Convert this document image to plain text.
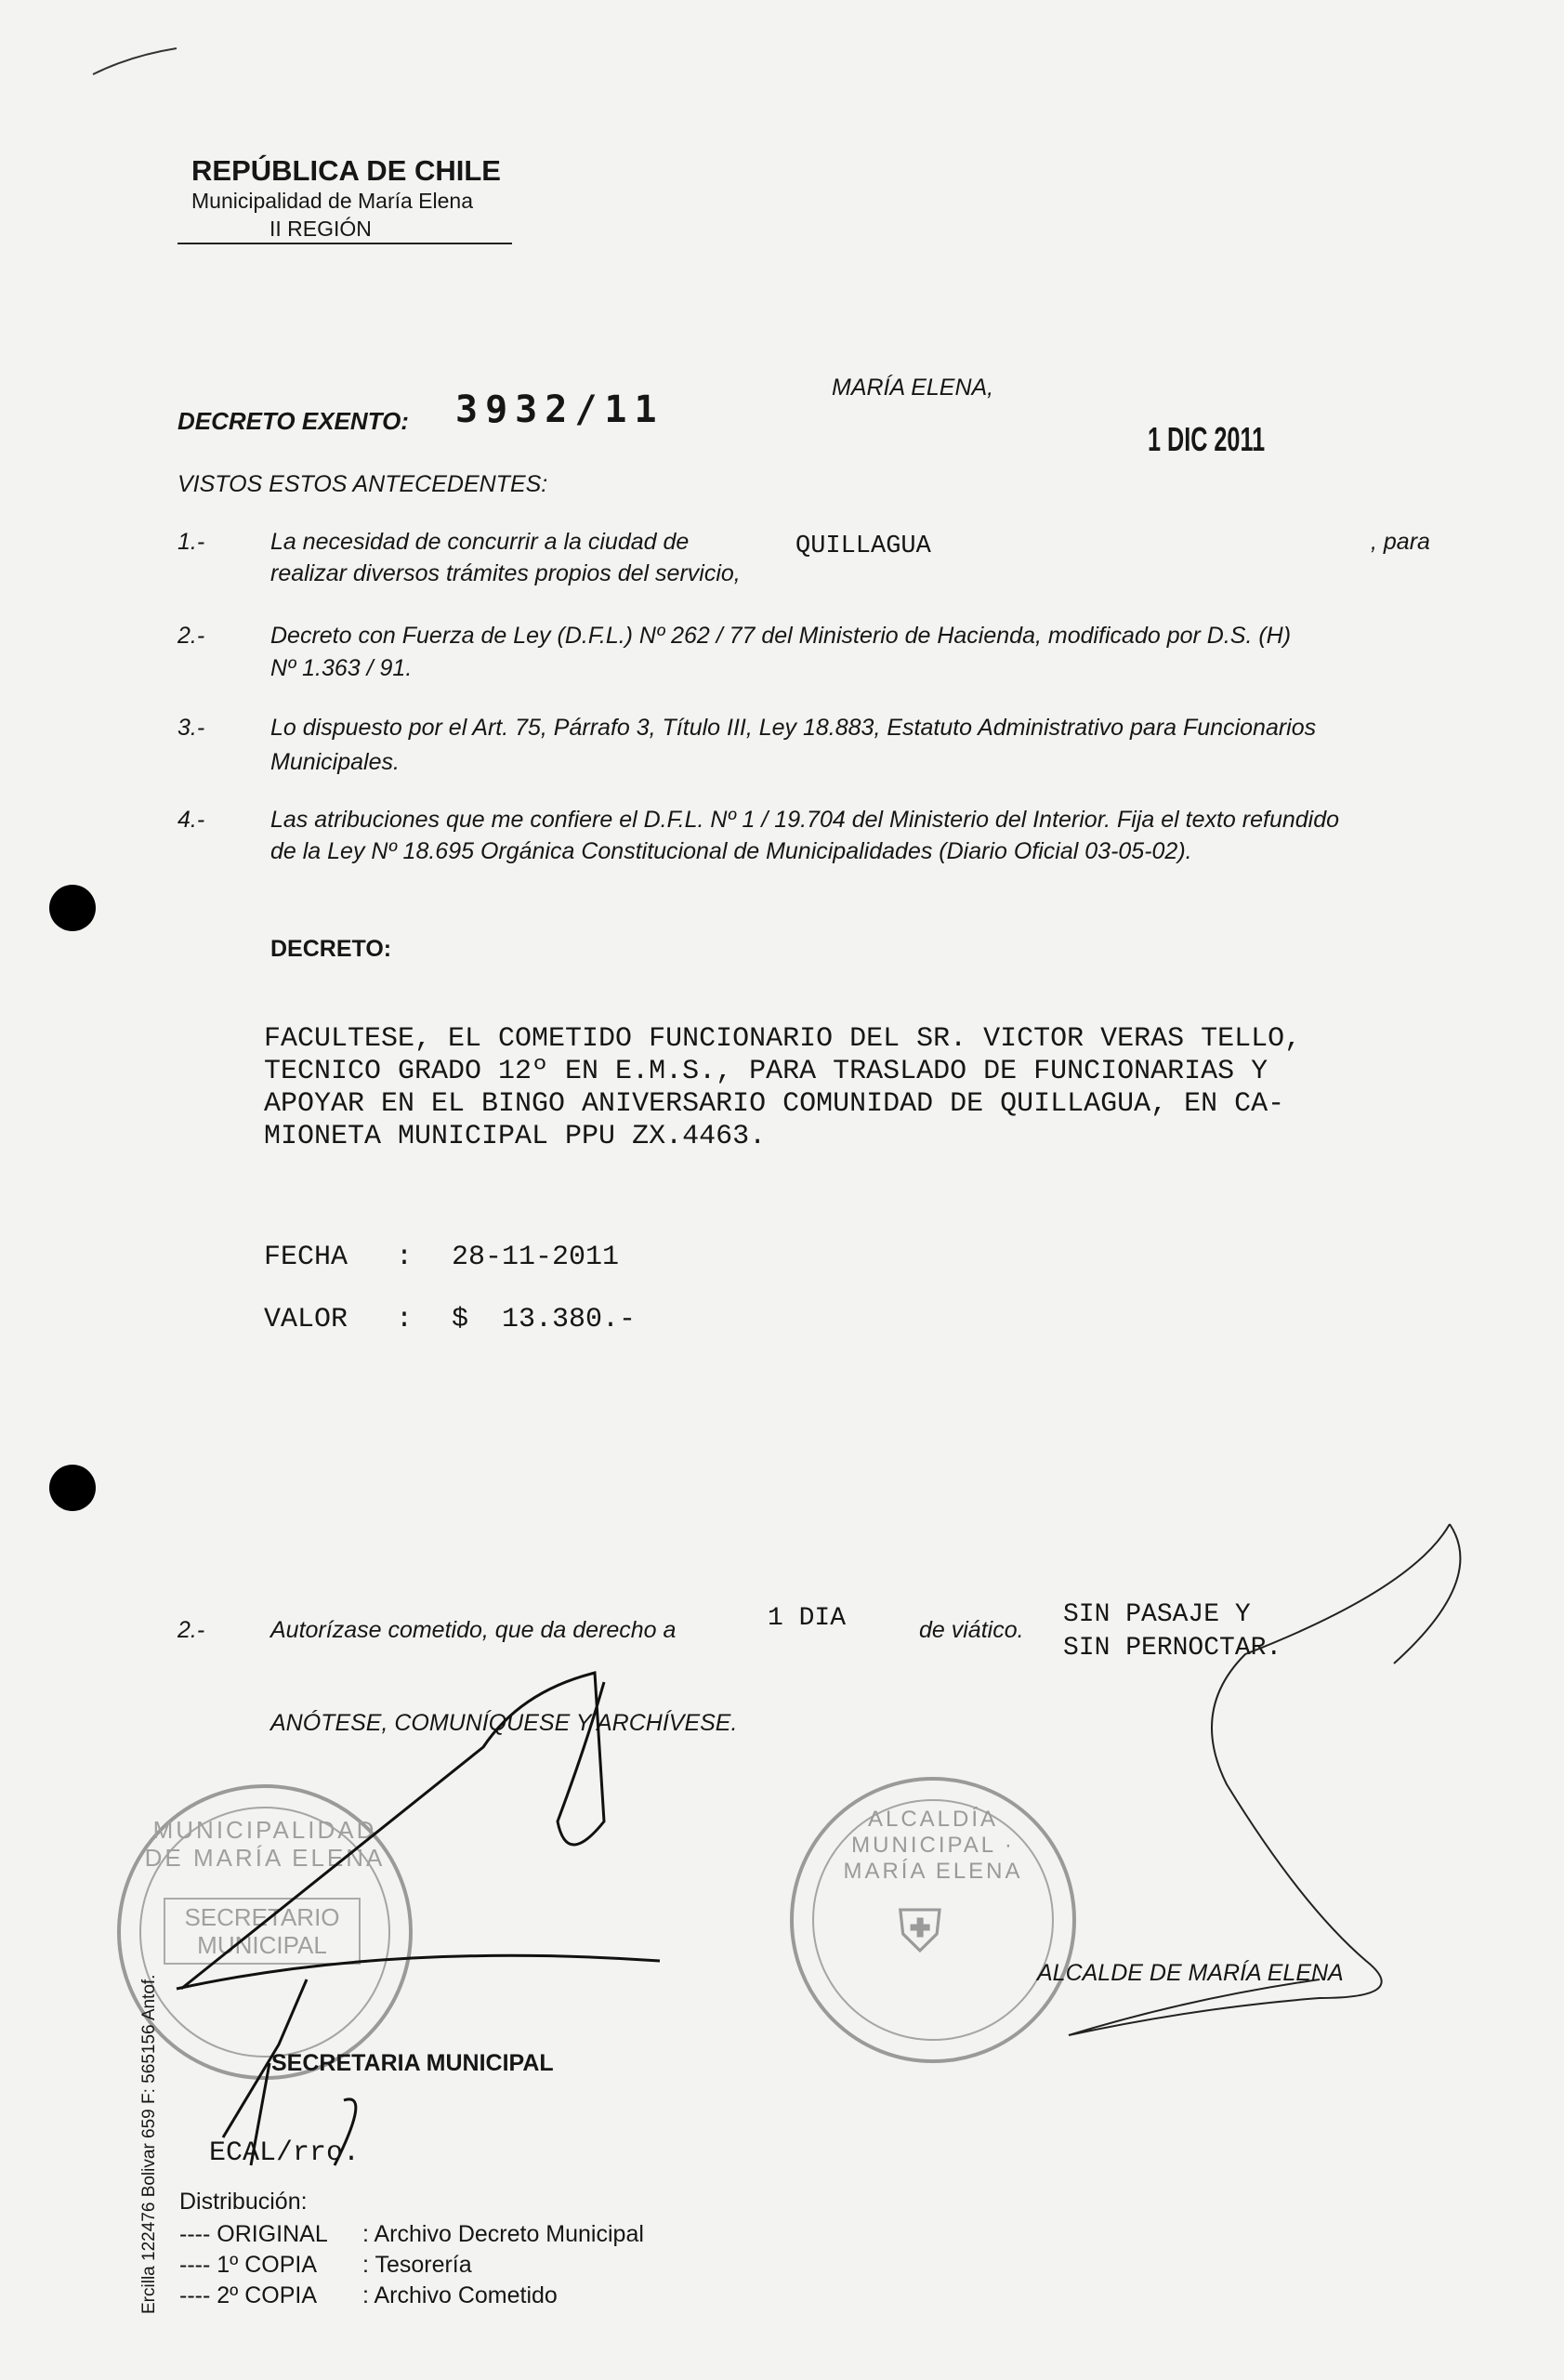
REPÚBLICA DE CHILE
Municipalidad de María Elena
II REGIÓN
DECRETO EXENTO: 3932/11
MARÍA ELENA,
1 DIC 2011
VISTOS ESTOS ANTECEDENTES:
1.-	La necesidad de concurrir a la ciudad de	QUILLAGUA	, para
realizar diversos trámites propios del servicio,
2.-	Decreto con Fuerza de Ley (D.F.L.) Nº 262 / 77 del Ministerio de Hacienda, modificado por D.S. (H)
Nº 1.363 / 91.
3.-	Lo dispuesto por el Art. 75, Párrafo 3, Título III, Ley 18.883, Estatuto Administrativo para Funcionarios
Municipales.
4.-	Las atribuciones que me confiere el D.F.L. Nº 1 / 19.704 del Ministerio del Interior. Fija el texto refundido
de la Ley Nº 18.695 Orgánica Constitucional de Municipalidades (Diario Oficial 03-05-02).
DECRETO:
FACULTESE, EL COMETIDO FUNCIONARIO DEL SR. VICTOR VERAS TELLO,
TECNICO GRADO 12º EN E.M.S., PARA TRASLADO DE FUNCIONARIAS Y
APOYAR EN EL BINGO ANIVERSARIO COMUNIDAD DE QUILLAGUA, EN CA-
MIONETA MUNICIPAL PPU ZX.4463.
FECHA : 28-11-2011
VALOR : $  13.380.-
2.-	Autorízase cometido, que da derecho a	1 DIA	de viático.
SIN PASAJE Y
SIN PERNOCTAR.
ANÓTESE, COMUNÍQUESE Y ARCHÍVESE.
MUNICIPALIDAD DE MARÍA ELENA
SECRETARIO MUNICIPAL
ALCALDÍA MUNICIPAL · MARÍA ELENA
⛨
ALCALDE DE MARÍA ELENA
SECRETARIA MUNICIPAL
ECAL/rro.
Distribución:
---- ORIGINAL : Archivo Decreto Municipal
---- 1º COPIA : Tesorería
---- 2º COPIA : Archivo Cometido
Ercilla 122476 Bolivar 659 F: 565156 Antof.
